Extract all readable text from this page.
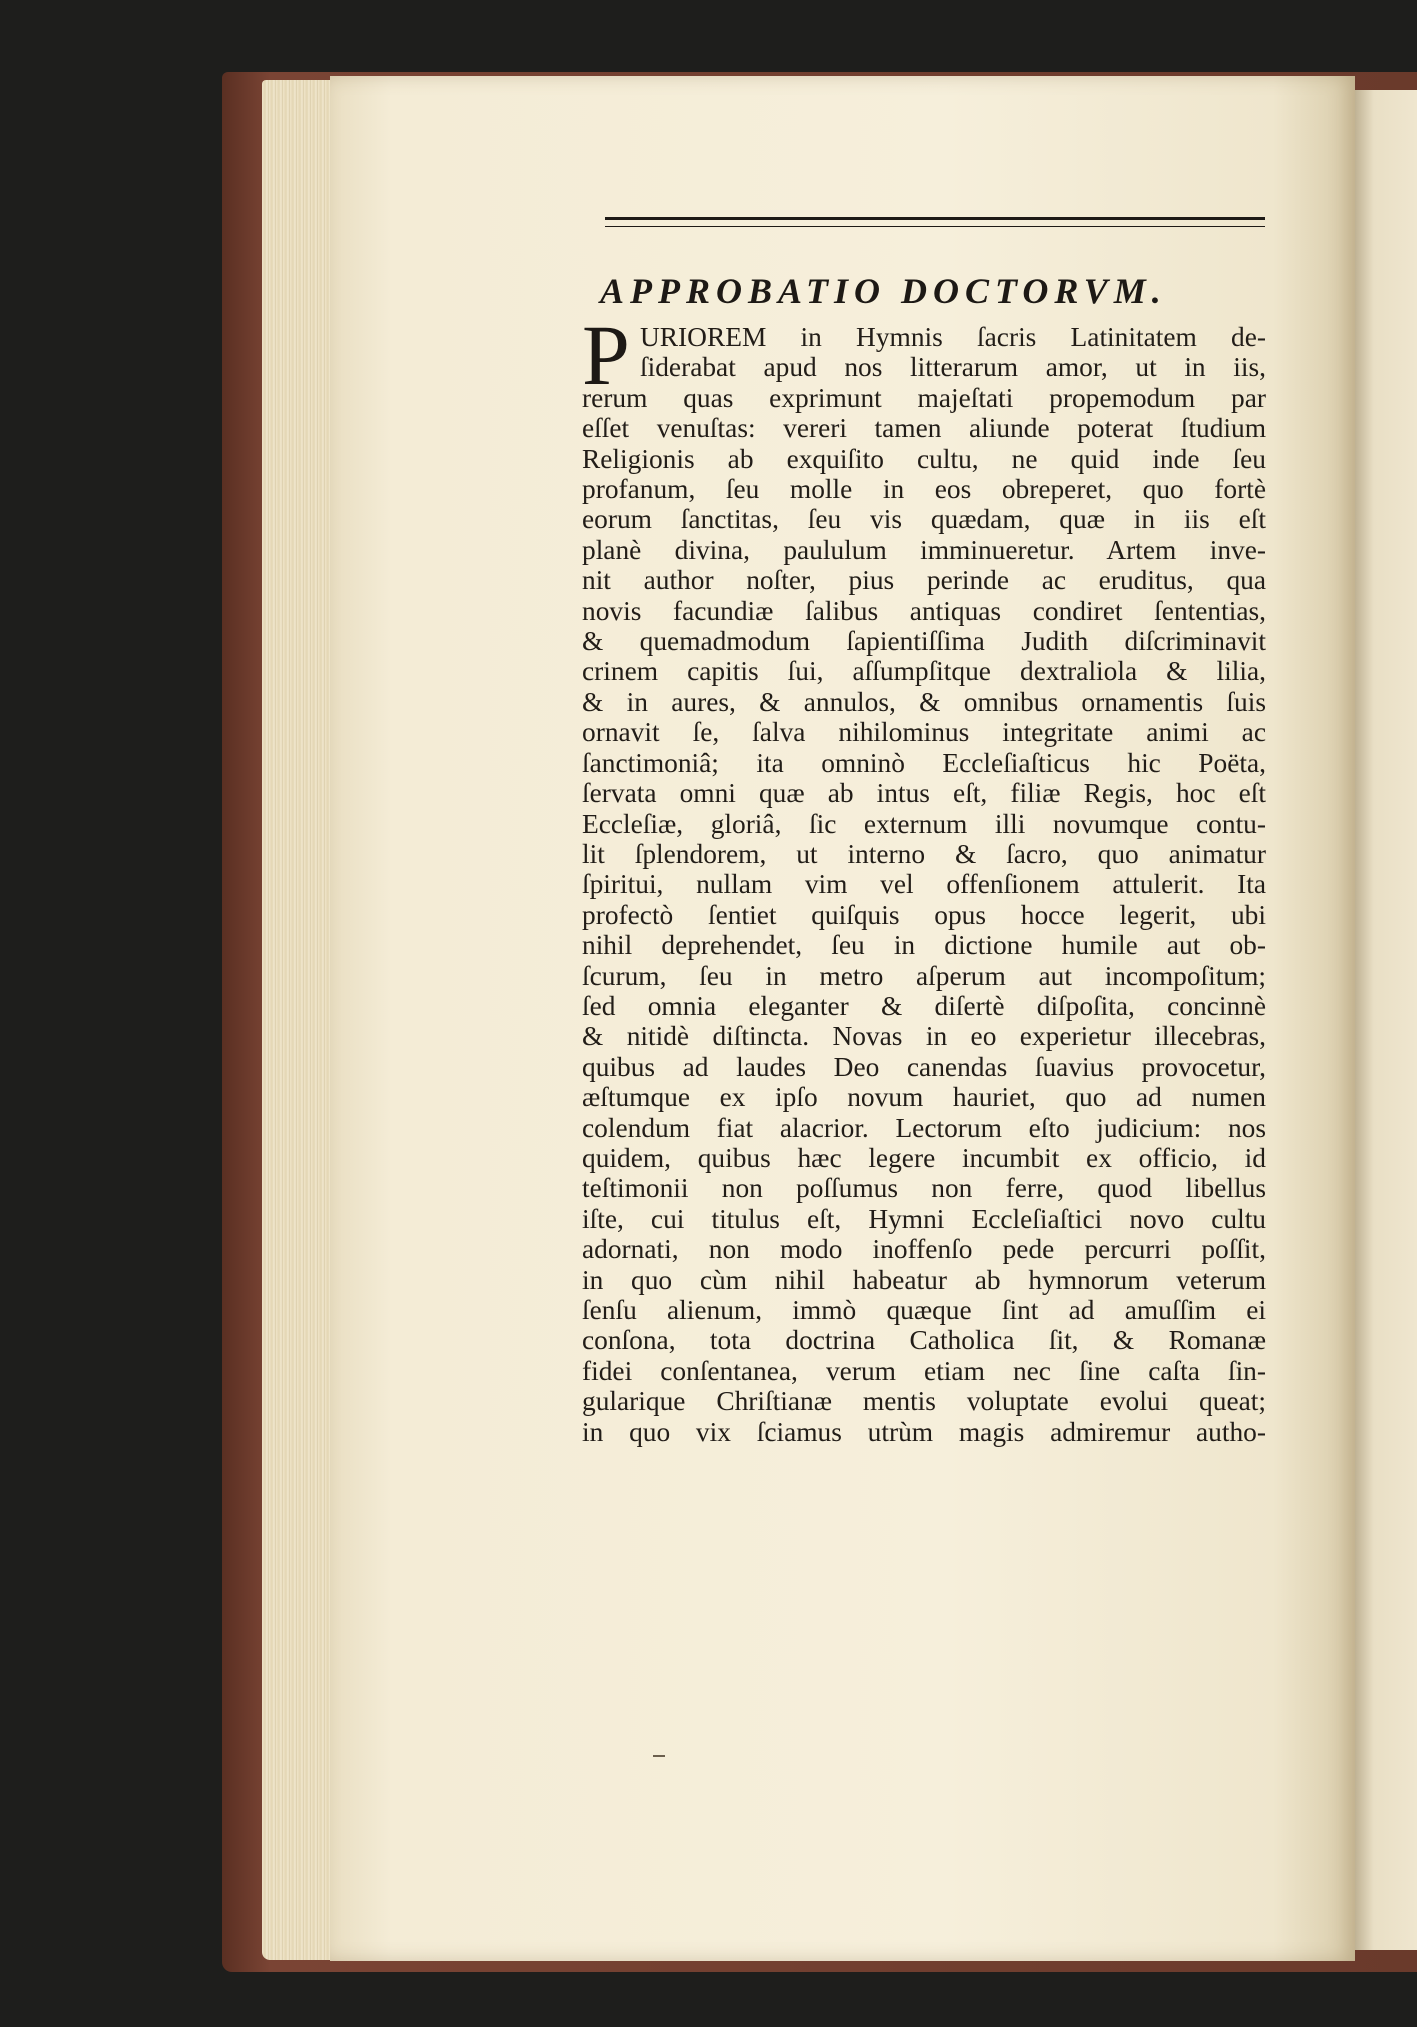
APPROBATIO DOCTORVM.
P URIOREM in Hymnis ſacris Latinitatem de-
ſiderabat apud nos litterarum amor, ut in iis,
rerum quas exprimunt majeſtati propemodum par
eſſet venuſtas: vereri tamen aliunde poterat ſtudium
Religionis ab exquiſito cultu, ne quid inde ſeu
profanum, ſeu molle in eos obreperet, quo fortè
eorum ſanctitas, ſeu vis quædam, quæ in iis eſt
planè divina, paululum imminueretur. Artem inve-
nit author noſter, pius perinde ac eruditus, qua
novis facundiæ ſalibus antiquas condiret ſententias,
& quemadmodum ſapientiſſima Judith diſcriminavit
crinem capitis ſui, aſſumpſitque dextraliola & lilia,
& in aures, & annulos, & omnibus ornamentis ſuis
ornavit ſe, ſalva nihilominus integritate animi ac
ſanctimoniâ; ita omninò Eccleſiaſticus hic Poëta,
ſervata omni quæ ab intus eſt, filiæ Regis, hoc eſt
Eccleſiæ, gloriâ, ſic externum illi novumque contu-
lit ſplendorem, ut interno & ſacro, quo animatur
ſpiritui, nullam vim vel offenſionem attulerit. Ita
profectò ſentiet quiſquis opus hocce legerit, ubi
nihil deprehendet, ſeu in dictione humile aut ob-
ſcurum, ſeu in metro aſperum aut incompoſitum;
ſed omnia eleganter & diſertè diſpoſita, concinnè
& nitidè diſtincta. Novas in eo experietur illecebras,
quibus ad laudes Deo canendas ſuavius provocetur,
æſtumque ex ipſo novum hauriet, quo ad numen
colendum fiat alacrior. Lectorum eſto judicium: nos
quidem, quibus hæc legere incumbit ex officio, id
teſtimonii non poſſumus non ferre, quod libellus
iſte, cui titulus eſt, Hymni Eccleſiaſtici novo cultu
adornati, non modo inoffenſo pede percurri poſſit,
in quo cùm nihil habeatur ab hymnorum veterum
ſenſu alienum, immò quæque ſint ad amuſſim ei
conſona, tota doctrina Catholica ſit, & Romanæ
fidei conſentanea, verum etiam nec ſine caſta ſin-
gularique Chriſtianæ mentis voluptate evolui queat;
in quo vix ſciamus utrùm magis admiremur autho-
